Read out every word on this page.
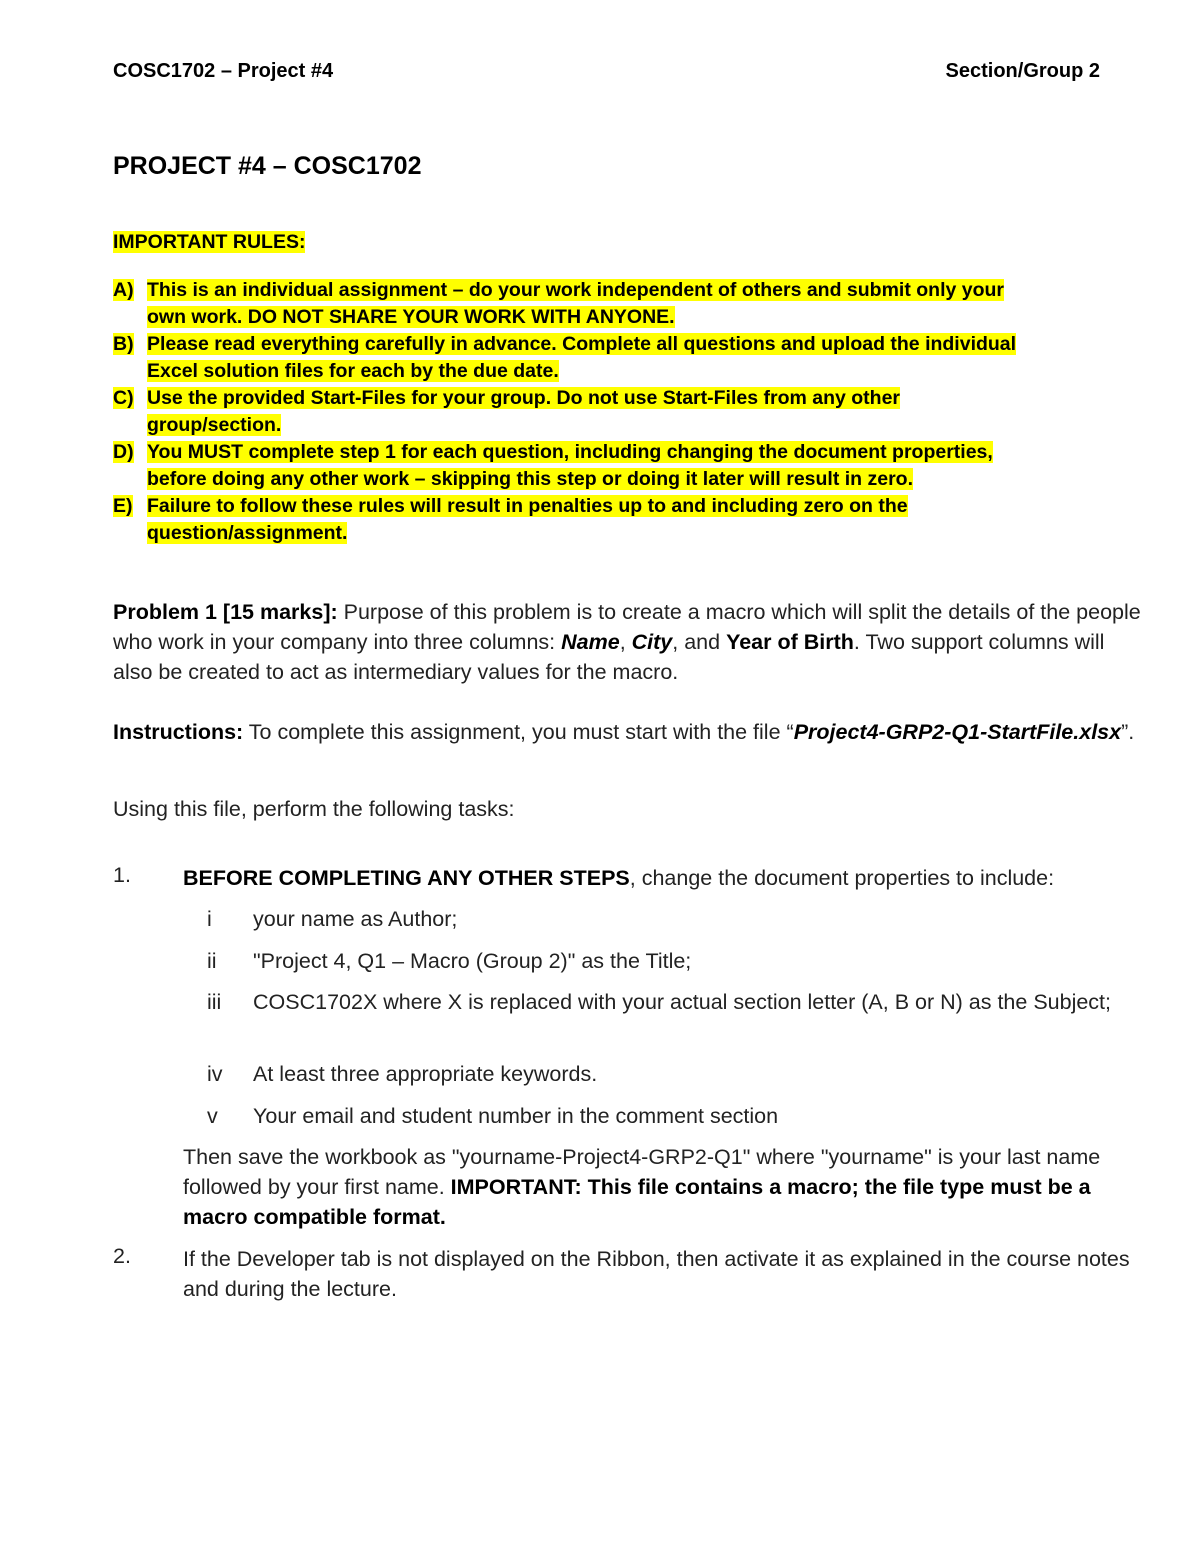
COSC1702 – Project #4	Section/Group 2
PROJECT #4 – COSC1702
IMPORTANT RULES:
A) This is an individual assignment – do your work independent of others and submit only your
own work. DO NOT SHARE YOUR WORK WITH ANYONE.
B) Please read everything carefully in advance. Complete all questions and upload the individual
Excel solution files for each by the due date.
C) Use the provided Start-Files for your group. Do not use Start-Files from any other
group/section.
D) You MUST complete step 1 for each question, including changing the document properties,
before doing any other work – skipping this step or doing it later will result in zero.
E) Failure to follow these rules will result in penalties up to and including zero on the
question/assignment.
Problem 1 [15 marks]: Purpose of this problem is to create a macro which will split the details of the people who work in your company into three columns: Name, City, and Year of Birth. Two support columns will also be created to act as intermediary values for the macro.
Instructions: To complete this assignment, you must start with the file “Project4-GRP2-Q1-StartFile.xlsx”.
Using this file, perform the following tasks:
1. BEFORE COMPLETING ANY OTHER STEPS, change the document properties to include:
i	your name as Author;
ii	"Project 4, Q1 – Macro (Group 2)" as the Title;
iii	COSC1702X where X is replaced with your actual section letter (A, B or N) as the Subject;
iv	At least three appropriate keywords.
v	Your email and student number in the comment section
Then save the workbook as "yourname-Project4-GRP2-Q1" where "yourname" is your last name followed by your first name. IMPORTANT: This file contains a macro; the file type must be a macro compatible format.
2. If the Developer tab is not displayed on the Ribbon, then activate it as explained in the course notes and during the lecture.
